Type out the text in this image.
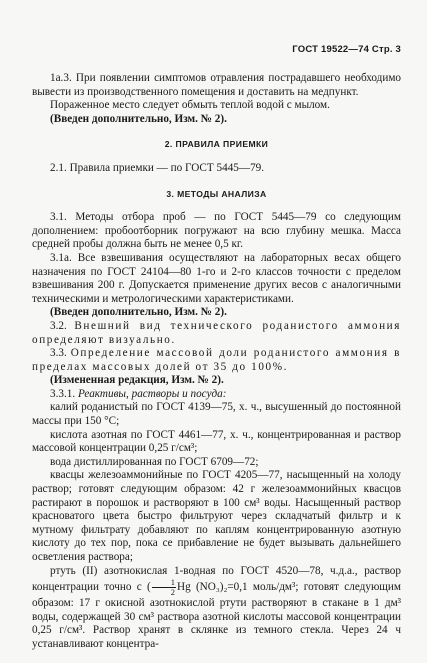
ГОСТ 19522—74 Стр. 3

1а.3. При появлении симптомов отравления пострадавшего необходимо вывести из производственного помещения и доставить на медпункт.

Пораженное место следует обмыть теплой водой с мылом.

(Введен дополнительно, Изм. № 2).

2. ПРАВИЛА ПРИЕМКИ

2.1. Правила приемки — по ГОСТ 5445—79.

3. МЕТОДЫ АНАЛИЗА

3.1. Методы отбора проб — по ГОСТ 5445—79 со следующим дополнением: пробоотборник погружают на всю глубину мешка. Масса средней пробы должна быть не менее 0,5 кг.

3.1а. Все взвешивания осуществляют на лабораторных весах общего назначения по ГОСТ 24104—80 1-го и 2-го классов точности с пределом взвешивания 200 г. Допускается применение других весов с аналогичными техническими и метрологическими характеристиками.

(Введен дополнительно, Изм. № 2).

3.2. Внешний вид технического роданистого аммония определяют визуально.

3.3. Определение массовой доли роданистого аммония в пределах массовых долей от 35 до 100%.

(Измененная редакция, Изм. № 2).

3.3.1. Реактивы, растворы и посуда:

калий роданистый по ГОСТ 4139—75, х. ч., высушенный до постоянной массы при 150 °С;

кислота азотная по ГОСТ 4461—77, х. ч., концентрированная и раствор массовой концентрации 0,25 г/см³;

вода дистиллированная по ГОСТ 6709—72;

квасцы железоаммонийные по ГОСТ 4205—77, насыщенный на холоду раствор; готовят следующим образом: 42 г железоаммонийных квасцов растирают в порошок и растворяют в 100 см³ воды. Насыщенный раствор красноватого цвета быстро фильтруют через складчатый фильтр и к мутному фильтрату добавляют по каплям концентрированную азотную кислоту до тех пор, пока се прибавление не будет вызывать дальнейшего осветления раствора;

ртуть (II) азотнокислая 1-водная по ГОСТ 4520—78, ч.д.а., раствор концентрации точно с ( $\frac{1}{2}$ Hg (NO₃)₂=0,1 моль/дм³; готовят следующим образом: 17 г окисной азотнокислой ртути растворяют в стакане в 1 дм³ воды, содержащей 30 см³ раствора азотной кислоты массовой концентрации 0,25 г/см³. Раствор хранят в склянке из темного стекла. Через 24 ч устанавливают концентра-
